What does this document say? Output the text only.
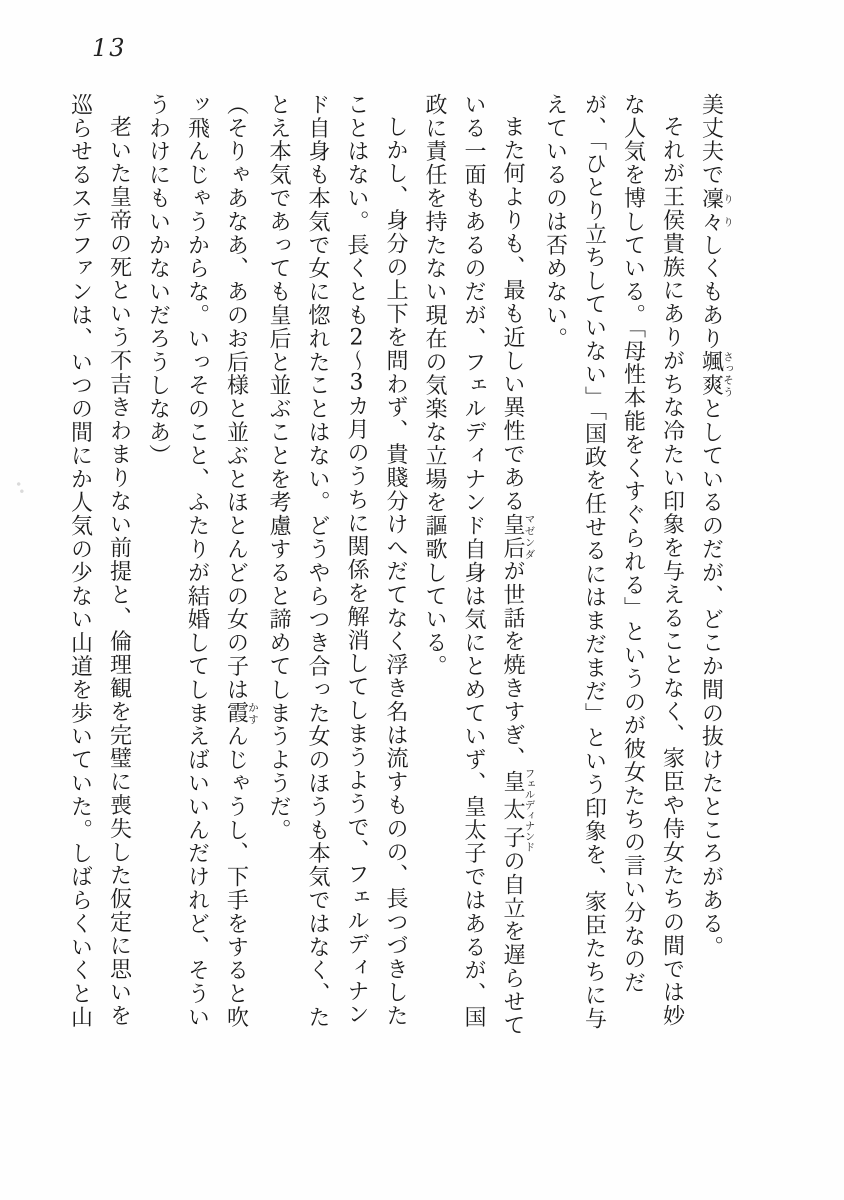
13

美丈夫で凜々りりしくもあり颯爽さっそうとしているのだが、どこか間の抜けたところがある。

それが王侯貴族にありがちな冷たい印象を与えることなく、家臣や侍女たちの間では妙な人気を博している。「母性本能をくすぐられる」というのが彼女たちの言い分なのだが、「ひとり立ちしていない」「国政を任せるにはまだまだ」という印象を、家臣たちに与えているのは否めない。

また何よりも、最も近しい異性である皇后マゼンダが世話を焼きすぎ、皇太子フェルディナンドの自立を遅らせている一面もあるのだが、フェルディナンド自身は気にとめていず、皇太子ではあるが、国政に責任を持たない現在の気楽な立場を謳歌している。

しかし、身分の上下を問わず、貴賤分けへだてなく浮き名は流すものの、長つづきしたことはない。長くとも2～3カ月のうちに関係を解消してしまうようで、フェルディナンド自身も本気で女に惚れたことはない。どうやらつき合った女のほうも本気ではなく、たとえ本気であっても皇后と並ぶことを考慮すると諦めてしまうようだ。

（そりゃあなあ、あのお后様と並ぶとほとんどの女の子は霞かすんじゃうし、下手をすると吹ッ飛んじゃうからな。いっそのこと、ふたりが結婚してしまえばいいんだけれど、そういうわけにもいかないだろうしなあ）

老いた皇帝の死という不吉きわまりない前提と、倫理観を完璧に喪失した仮定に思いを巡らせるステファンは、いつの間にか人気の少ない山道を歩いていた。しばらくいくと山
